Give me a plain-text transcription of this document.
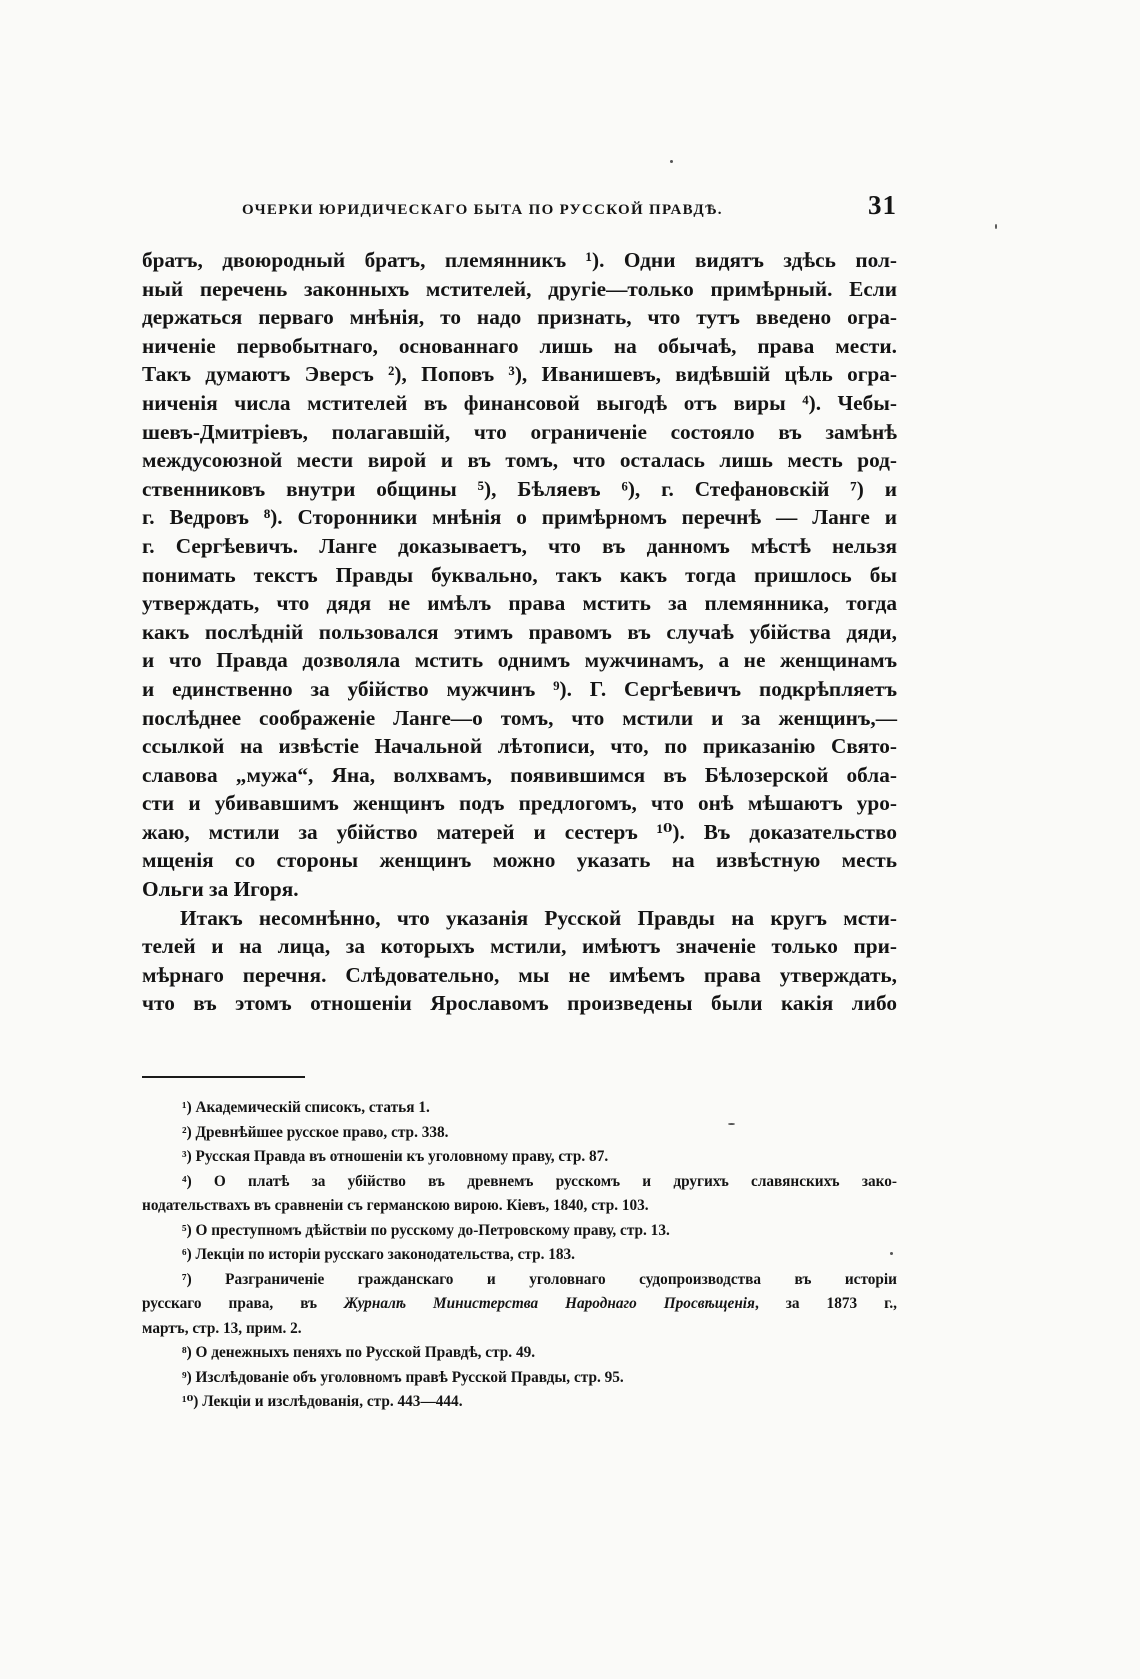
ОЧЕРКИ ЮРИДИЧЕСКАГО БЫТА ПО РУССКОЙ ПРАВДѢ.	31
братъ, двоюродный братъ, племянникъ ¹). Одни видятъ здѣсь пол-
ный перечень законныхъ мстителей, другіе—только примѣрный. Если
держаться перваго мнѣнія, то надо признать, что тутъ введено огра-
ниченіе первобытнаго, основаннаго лишь на обычаѣ, права мести.
Такъ думаютъ Эверсъ ²), Поповъ ³), Иванишевъ, видѣвшій цѣль огра-
ниченія числа мстителей въ финансовой выгодѣ отъ виры ⁴). Чебы-
шевъ-Дмитріевъ, полагавшій, что ограниченіе состояло въ замѣнѣ
междусоюзной мести вирой и въ томъ, что осталась лишь месть род-
ственниковъ внутри общины ⁵), Бѣляевъ ⁶), г. Стефановскій ⁷) и
г. Ведровъ ⁸). Сторонники мнѣнія о примѣрномъ перечнѣ — Ланге и
г. Сергѣевичъ. Ланге доказываетъ, что въ данномъ мѣстѣ нельзя
понимать текстъ Правды буквально, такъ какъ тогда пришлось бы
утверждать, что дядя не имѣлъ права мстить за племянника, тогда
какъ послѣдній пользовался этимъ правомъ въ случаѣ убійства дяди,
и что Правда дозволяла мстить однимъ мужчинамъ, а не женщинамъ
и единственно за убійство мужчинъ ⁹). Г. Сергѣевичъ подкрѣпляетъ
послѣднее соображеніе Ланге—о томъ, что мстили и за женщинъ,—
ссылкой на извѣстіе Начальной лѣтописи, что, по приказанію Свято-
славова „мужа“, Яна, волхвамъ, появившимся въ Бѣлозерской обла-
сти и убивавшимъ женщинъ подъ предлогомъ, что онѣ мѣшаютъ уро-
жаю, мстили за убійство матерей и сестеръ ¹⁰). Въ доказательство
мщенія со стороны женщинъ можно указать на извѣстную месть
Ольги за Игоря.
Итакъ несомнѣнно, что указанія Русской Правды на кругъ мсти-
телей и на лица, за которыхъ мстили, имѣютъ значеніе только при-
мѣрнаго перечня. Слѣдовательно, мы не имѣемъ права утверждать,
что въ этомъ отношеніи Ярославомъ произведены были какія либо
¹) Академическій списокъ, статья 1.
²) Древнѣйшее русское право, стр. 338.
³) Русская Правда въ отношеніи къ уголовному праву, стр. 87.
⁴) О платѣ за убійство въ древнемъ русскомъ и другихъ славянскихъ зако-
нодательствахъ въ сравненіи съ германскою вирою. Кіевъ, 1840, стр. 103.
⁵) О преступномъ дѣйствіи по русскому до-Петровскому праву, стр. 13.
⁶) Лекціи по исторіи русскаго законодательства, стр. 183.
⁷) Разграниченіе гражданскаго и уголовнаго судопроизводства въ исторіи
русскаго права, въ Журналѣ Министерства Народнаго Просвѣщенія, за 1873 г.,
мартъ, стр. 13, прим. 2.
⁸) О денежныхъ пеняхъ по Русской Правдѣ, стр. 49.
⁹) Изслѣдованіе объ уголовномъ правѣ Русской Правды, стр. 95.
¹⁰) Лекціи и изслѣдованія, стр. 443—444.
